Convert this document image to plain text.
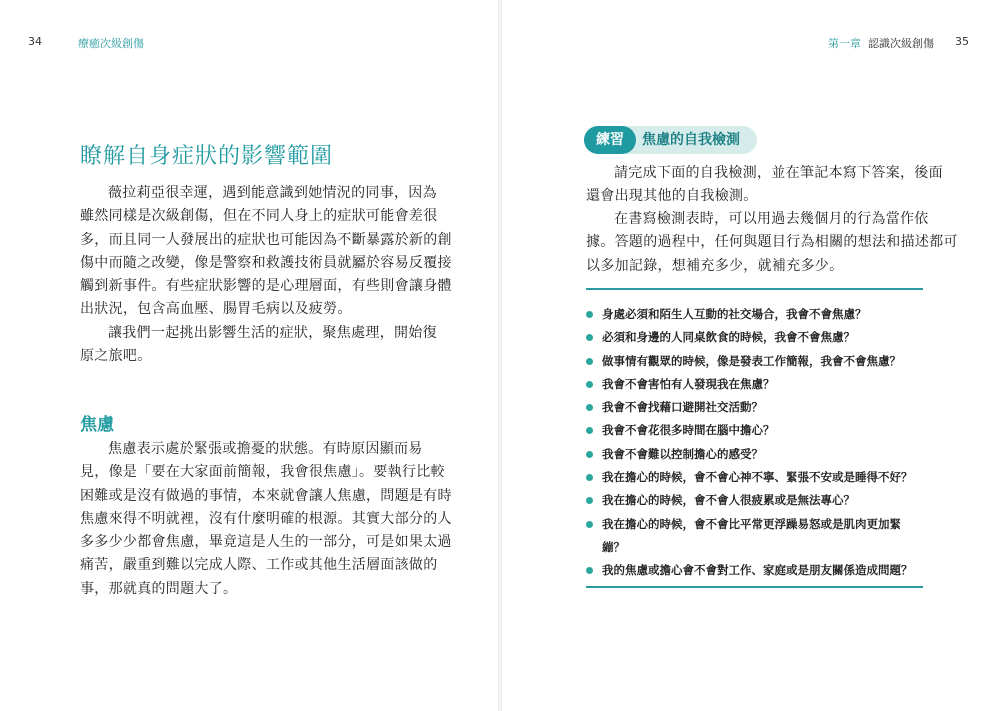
34	療癒次級創傷	第一章 認識次級創傷 35
瞭解自身症狀的影響範圍
薇拉莉亞很幸運，遇到能意識到她情況的同事，因為
雖然同樣是次級創傷，但在不同人身上的症狀可能會差很
多，而且同一人發展出的症狀也可能因為不斷暴露於新的創
傷中而隨之改變，像是警察和救護技術員就屬於容易反覆接
觸到新事件。有些症狀影響的是心理層面，有些則會讓身體
出狀況，包含高血壓、腸胃毛病以及疲勞。
讓我們一起挑出影響生活的症狀，聚焦處理，開始復
原之旅吧。
焦慮
焦慮表示處於緊張或擔憂的狀態。有時原因顯而易
見，像是「要在大家面前簡報，我會很焦慮」。要執行比較
困難或是沒有做過的事情，本來就會讓人焦慮，問題是有時
焦慮來得不明就裡，沒有什麼明確的根源。其實大部分的人
多多少少都會焦慮，畢竟這是人生的一部分，可是如果太過
痛苦，嚴重到難以完成人際、工作或其他生活層面該做的
事，那就真的問題大了。
練習	焦慮的自我檢測
請完成下面的自我檢測，並在筆記本寫下答案，後面
還會出現其他的自我檢測。
在書寫檢測表時，可以用過去幾個月的行為當作依
據。答題的過程中，任何與題目行為相關的想法和描述都可
以多加記錄，想補充多少，就補充多少。
身處必須和陌生人互動的社交場合，我會不會焦慮？
必須和身邊的人同桌飲食的時候，我會不會焦慮？
做事情有觀眾的時候，像是發表工作簡報，我會不會焦慮？
我會不會害怕有人發現我在焦慮？
我會不會找藉口避開社交活動？
我會不會花很多時間在腦中擔心？
我會不會難以控制擔心的感受？
我在擔心的時候，會不會心神不寧、緊張不安或是睡得不好？
我在擔心的時候，會不會人很疲累或是無法專心？
我在擔心的時候，會不會比平常更浮躁易怒或是肌肉更加緊
繃？
我的焦慮或擔心會不會對工作、家庭或是朋友關係造成問題？
